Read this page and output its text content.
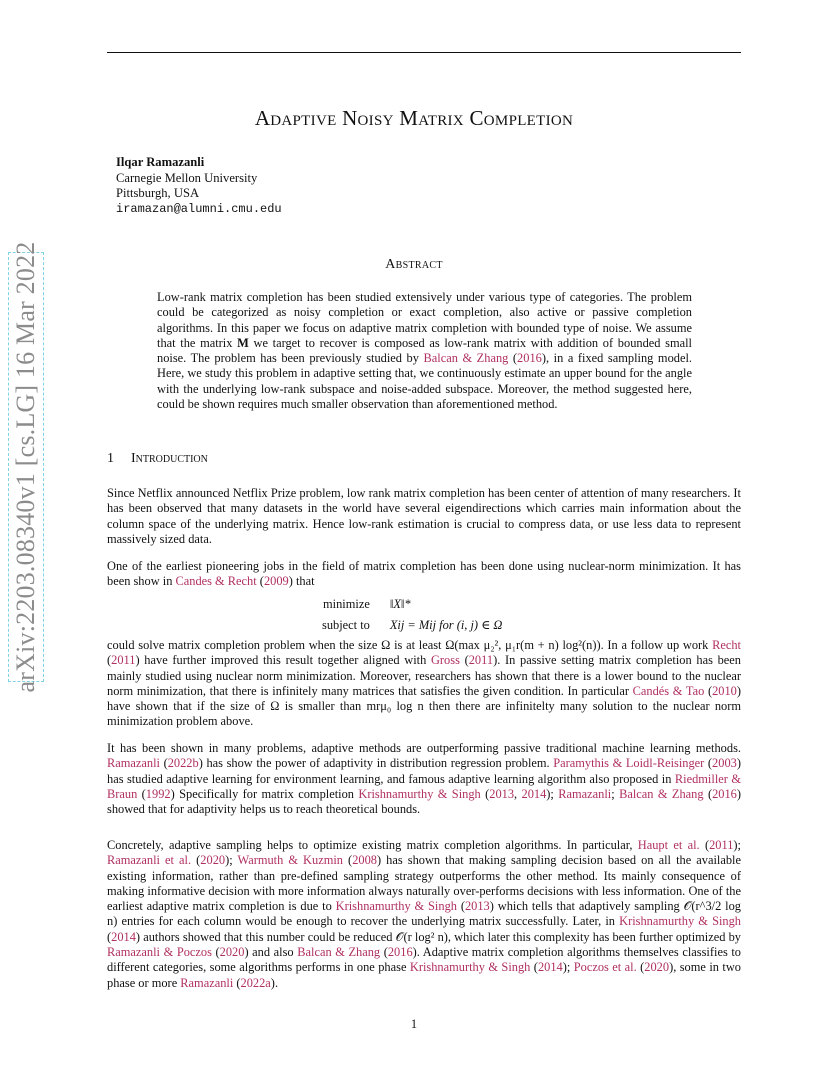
Adaptive Noisy Matrix Completion
Ilqar Ramazanli
Carnegie Mellon University
Pittsburgh, USA
iramazan@alumni.cmu.edu
arXiv:2203.08340v1 [cs.LG] 16 Mar 2022	Abstract
Low-rank matrix completion has been studied extensively under various type of categories. The problem could be categorized as noisy completion or exact completion, also active or passive completion algorithms. In this paper we focus on adaptive matrix completion with bounded type of noise. We assume that the matrix M we target to recover is composed as low-rank matrix with addition of bounded small noise. The problem has been previously studied by Balcan & Zhang (2016), in a fixed sampling model. Here, we study this problem in adaptive setting that, we continuously estimate an upper bound for the angle with the underlying low-rank subspace and noise-added subspace. Moreover, the method suggested here, could be shown requires much smaller observation than aforementioned method.
1 Introduction
Since Netflix announced Netflix Prize problem, low rank matrix completion has been center of attention of many researchers. It has been observed that many datasets in the world have several eigendirections which carries main information about the column space of the underlying matrix. Hence low-rank estimation is crucial to compress data, or use less data to represent massively sized data.
One of the earliest pioneering jobs in the field of matrix completion has been done using nuclear-norm minimization. It has been show in Candes & Recht (2009) that
minimize	‖X‖*
subject to	Xij = Mij for (i, j) ∈ Ω
could solve matrix completion problem when the size Ω is at least Ω(max μ₂², μ₁r(m + n) log²(n)). In a follow up work Recht (2011) have further improved this result together aligned with Gross (2011). In passive setting matrix completion has been mainly studied using nuclear norm minimization. Moreover, researchers has shown that there is a lower bound to the nuclear norm minimization, that there is infinitely many matrices that satisfies the given condition. In particular Candés & Tao (2010) have shown that if the size of Ω is smaller than mrμ₀ log n then there are infinitelty many solution to the nuclear norm minimization problem above.
It has been shown in many problems, adaptive methods are outperforming passive traditional machine learning methods. Ramazanli (2022b) has show the power of adaptivity in distribution regression problem. Paramythis & Loidl-Reisinger (2003) has studied adaptive learning for environment learning, and famous adaptive learning algorithm also proposed in Riedmiller & Braun (1992) Specifically for matrix completion Krishnamurthy & Singh (2013, 2014); Ramazanli; Balcan & Zhang (2016) showed that for adaptivity helps us to reach theoretical bounds.
Concretely, adaptive sampling helps to optimize existing matrix completion algorithms. In particular, Haupt et al. (2011); Ramazanli et al. (2020); Warmuth & Kuzmin (2008) has shown that making sampling decision based on all the available existing information, rather than pre-defined sampling strategy outperforms the other method. Its mainly consequence of making informative decision with more information always naturally over-performs decisions with less information. One of the earliest adaptive matrix completion is due to Krishnamurthy & Singh (2013) which tells that adaptively sampling 𝒪(r^3/2 log n) entries for each column would be enough to recover the underlying matrix successfully. Later, in Krishnamurthy & Singh (2014) authors showed that this number could be reduced 𝒪(r log² n), which later this complexity has been further optimized by Ramazanli & Poczos (2020) and also Balcan & Zhang (2016). Adaptive matrix completion algorithms themselves classifies to different categories, some algorithms performs in one phase Krishnamurthy & Singh (2014); Poczos et al. (2020), some in two phase or more Ramazanli (2022a).
1
